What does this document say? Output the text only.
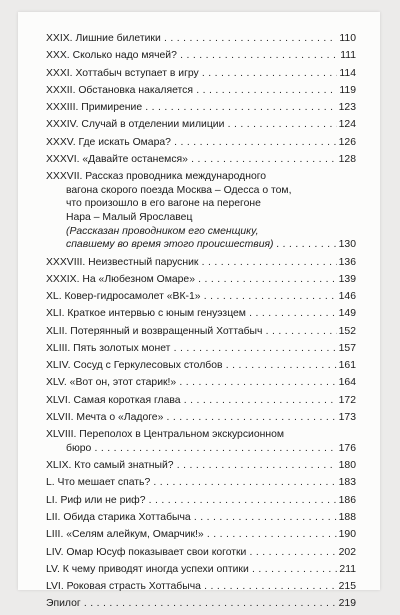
XXIX. Лишние билетики . . .	110
XXX. Сколько надо мячей? . . .	111
XXXI. Хоттабыч вступает в игру . . .	114
XXXII. Обстановка накаляется . . .	119
XXXIII. Примирение . . .	123
XXXIV. Случай в отделении милиции . . .	124
XXXV. Где искать Омара? . . .	126
XXXVI. «Давайте останемся» . . .	128
XXXVII. Рассказ проводника международного
вагона скорого поезда Москва – Одесса о том,
что произошло в его вагоне на перегоне
Нара – Малый Ярославец
(Рассказан проводником его сменщику,
спавшему во время этого происшествия) . . .	130
XXXVIII. Неизвестный парусник . . .	136
XXXIX. На «Любезном Омаре» . . .	139
XL. Ковер-гидросамолет «ВК-1» . . .	146
XLI. Краткое интервью с юным генуэзцем . . .	149
XLII. Потерянный и возвращенный Хоттабыч . . .	152
XLIII. Пять золотых монет . . .	157
XLIV. Сосуд с Геркулесовых столбов . . .	161
XLV. «Вот он, этот старик!» . . .	164
XLVI. Самая короткая глава . . .	172
XLVII. Мечта о «Ладоге» . . .	173
XLVIII. Переполох в Центральном экскурсионном
бюро . . .	176
XLIX. Кто самый знатный? . . .	180
L. Что мешает спать? . . .	183
LI. Риф или не риф? . . .	186
LII. Обида старика Хоттабыча . . .	188
LIII. «Селям алейкум, Омарчик!» . . .	190
LIV. Омар Юсуф показывает свои коготки . . .	202
LV. К чему приводят иногда успехи оптики . . .	211
LVI. Роковая страсть Хоттабыча . . .	215
Эпилог . . .	219
